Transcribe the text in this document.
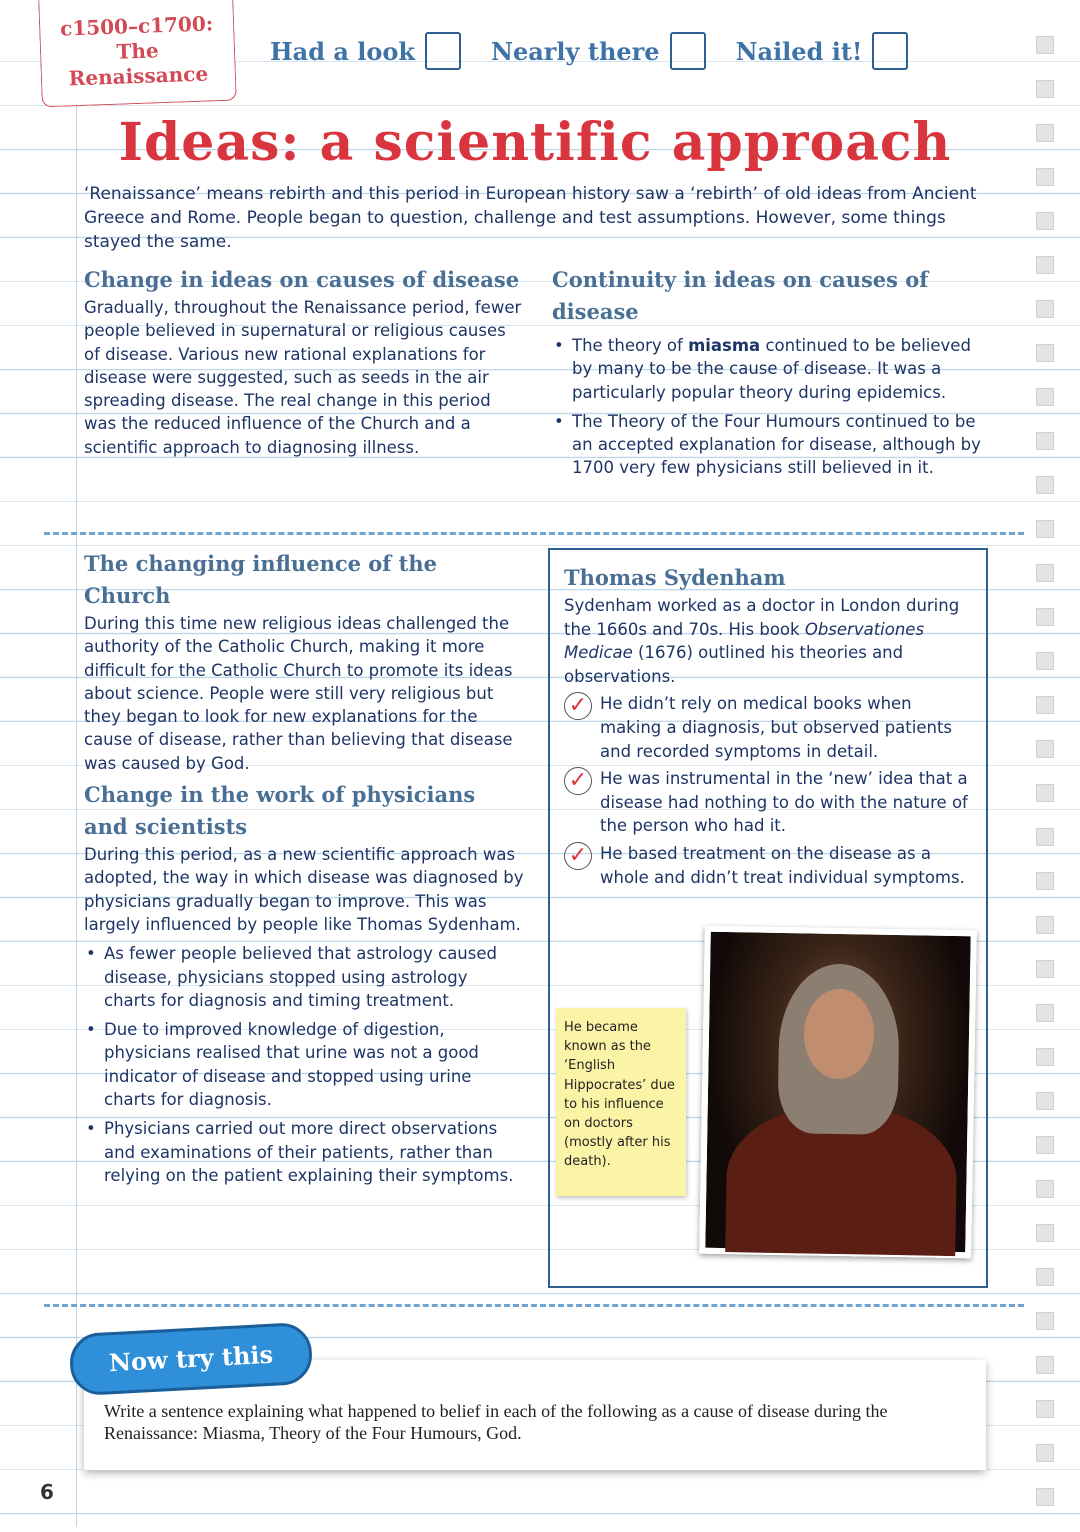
c1500–c1700:
The
Renaissance
Had a look	Nearly there	Nailed it!
Ideas: a scientific approach

‘Renaissance’ means rebirth and this period in European history saw a ‘rebirth’ of old ideas from Ancient Greece and Rome. People began to question, challenge and test assumptions. However, some things stayed the same.

Change in ideas on causes of disease

Gradually, throughout the Renaissance period, fewer people believed in supernatural or religious causes of disease. Various new rational explanations for disease were suggested, such as seeds in the air spreading disease. The real change in this period was the reduced influence of the Church and a scientific approach to diagnosing illness.

Continuity in ideas on causes of disease
• The theory of miasma continued to be believed by many to be the cause of disease. It was a particularly popular theory during epidemics.
• The Theory of the Four Humours continued to be an accepted explanation for disease, although by 1700 very few physicians still believed in it.
The changing influence of the Church

During this time new religious ideas challenged the authority of the Catholic Church, making it more difficult for the Catholic Church to promote its ideas about science. People were still very religious but they began to look for new explanations for the cause of disease, rather than believing that disease was caused by God.

Change in the work of physicians and scientists

During this period, as a new scientific approach was adopted, the way in which disease was diagnosed by physicians gradually began to improve. This was largely influenced by people like Thomas Sydenham.

• As fewer people believed that astrology caused disease, physicians stopped using astrology charts for diagnosis and timing treatment.
• Due to improved knowledge of digestion, physicians realised that urine was not a good indicator of disease and stopped using urine charts for diagnosis.
• Physicians carried out more direct observations and examinations of their patients, rather than relying on the patient explaining their symptoms.
Thomas Sydenham

Sydenham worked as a doctor in London during the 1660s and 70s. His book Observationes Medicae (1676) outlined his theories and observations.

✓ He didn’t rely on medical books when making a diagnosis, but observed patients and recorded symptoms in detail.
✓ He was instrumental in the ‘new’ idea that a disease had nothing to do with the nature of the person who had it.
✓ He based treatment on the disease as a whole and didn’t treat individual symptoms.
He became known as the ‘English Hippocrates’ due to his influence on doctors (mostly after his death).
Now try this

Write a sentence explaining what happened to belief in each of the following as a cause of disease during the Renaissance: Miasma, Theory of the Four Humours, God.

6
